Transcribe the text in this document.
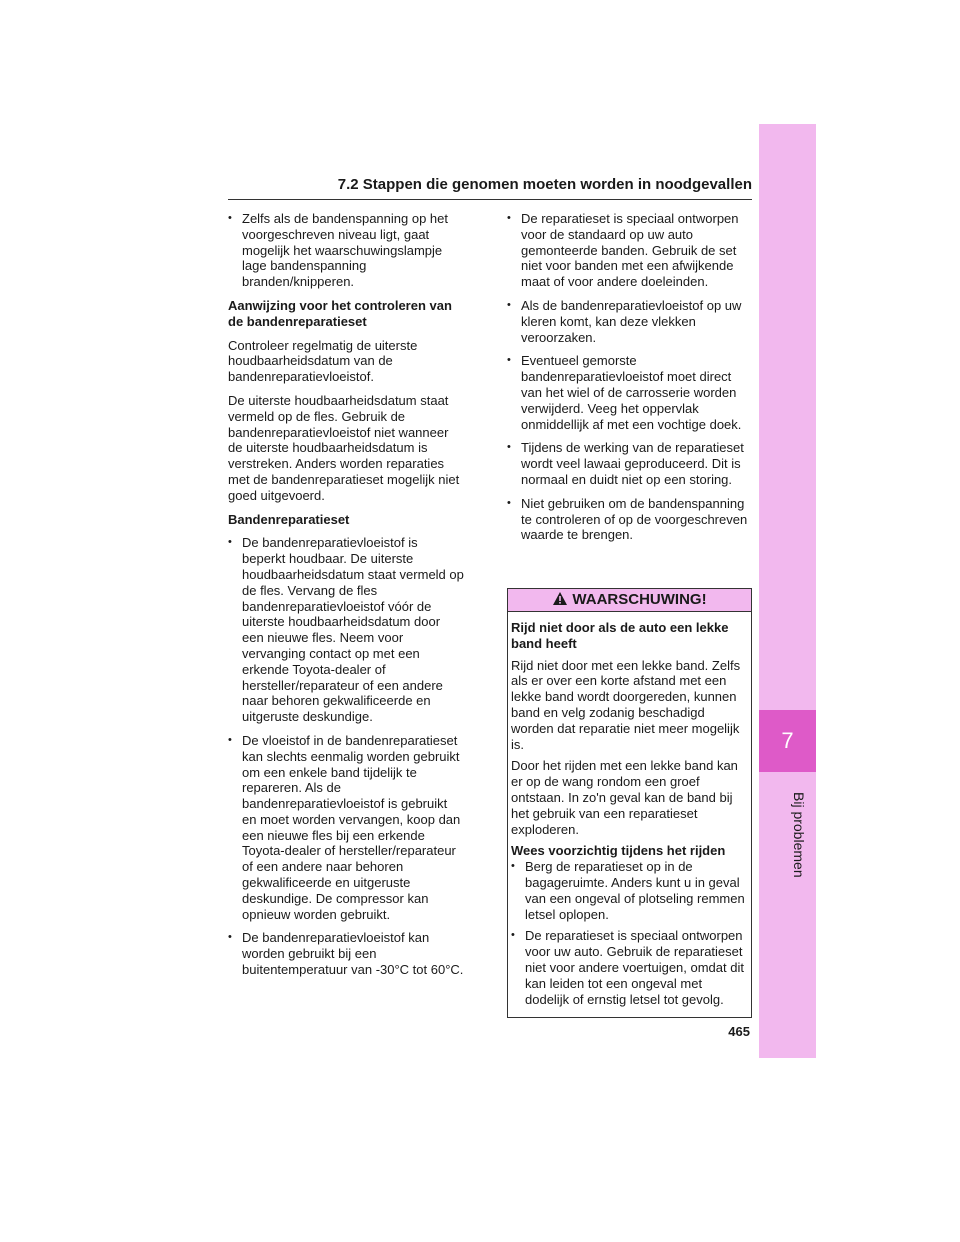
7
Bij problemen
7.2 Stappen die genomen moeten worden in noodgevallen
• Zelfs als de bandenspanning op het voorgeschreven niveau ligt, gaat mogelijk het waarschuwingslampje lage bandenspanning branden/knipperen.

Aanwijzing voor het controleren van de bandenreparatieset

Controleer regelmatig de uiterste houdbaarheidsdatum van de bandenreparatievloeistof.

De uiterste houdbaarheidsdatum staat vermeld op de fles. Gebruik de bandenreparatievloeistof niet wanneer de uiterste houdbaarheidsdatum is verstreken. Anders worden reparaties met de bandenreparatieset mogelijk niet goed uitgevoerd.

Bandenreparatieset

• De bandenreparatievloeistof is beperkt houdbaar. De uiterste houdbaarheidsdatum staat vermeld op de fles. Vervang de fles bandenreparatievloeistof vóór de uiterste houdbaarheidsdatum door een nieuwe fles. Neem voor vervanging contact op met een erkende Toyota-dealer of hersteller/reparateur of een andere naar behoren gekwalificeerde en uitgeruste deskundige.
• De vloeistof in de bandenreparatieset kan slechts eenmalig worden gebruikt om een enkele band tijdelijk te repareren. Als de bandenreparatievloeistof is gebruikt en moet worden vervangen, koop dan een nieuwe fles bij een erkende Toyota-dealer of hersteller/reparateur of een andere naar behoren gekwalificeerde en uitgeruste deskundige. De compressor kan opnieuw worden gebruikt.
• De bandenreparatievloeistof kan worden gebruikt bij een buitentemperatuur van -30°C tot 60°C.
• De reparatieset is speciaal ontworpen voor de standaard op uw auto gemonteerde banden. Gebruik de set niet voor banden met een afwijkende maat of voor andere doeleinden.
• Als de bandenreparatievloeistof op uw kleren komt, kan deze vlekken veroorzaken.
• Eventueel gemorste bandenreparatievloeistof moet direct van het wiel of de carrosserie worden verwijderd. Veeg het oppervlak onmiddellijk af met een vochtige doek.
• Tijdens de werking van de reparatieset wordt veel lawaai geproduceerd. Dit is normaal en duidt niet op een storing.
• Niet gebruiken om de bandenspanning te controleren of op de voorgeschreven waarde te brengen.
WAARSCHUWING!

Rijd niet door als de auto een lekke band heeft

Rijd niet door met een lekke band. Zelfs als er over een korte afstand met een lekke band wordt doorgereden, kunnen band en velg zodanig beschadigd worden dat reparatie niet meer mogelijk is.

Door het rijden met een lekke band kan er op de wang rondom een groef ontstaan. In zo'n geval kan de band bij het gebruik van een reparatieset exploderen.

Wees voorzichtig tijdens het rijden

• Berg de reparatieset op in de bagageruimte. Anders kunt u in geval van een ongeval of plotseling remmen letsel oplopen.
• De reparatieset is speciaal ontworpen voor uw auto. Gebruik de reparatieset niet voor andere voertuigen, omdat dit kan leiden tot een ongeval met dodelijk of ernstig letsel tot gevolg.
465
